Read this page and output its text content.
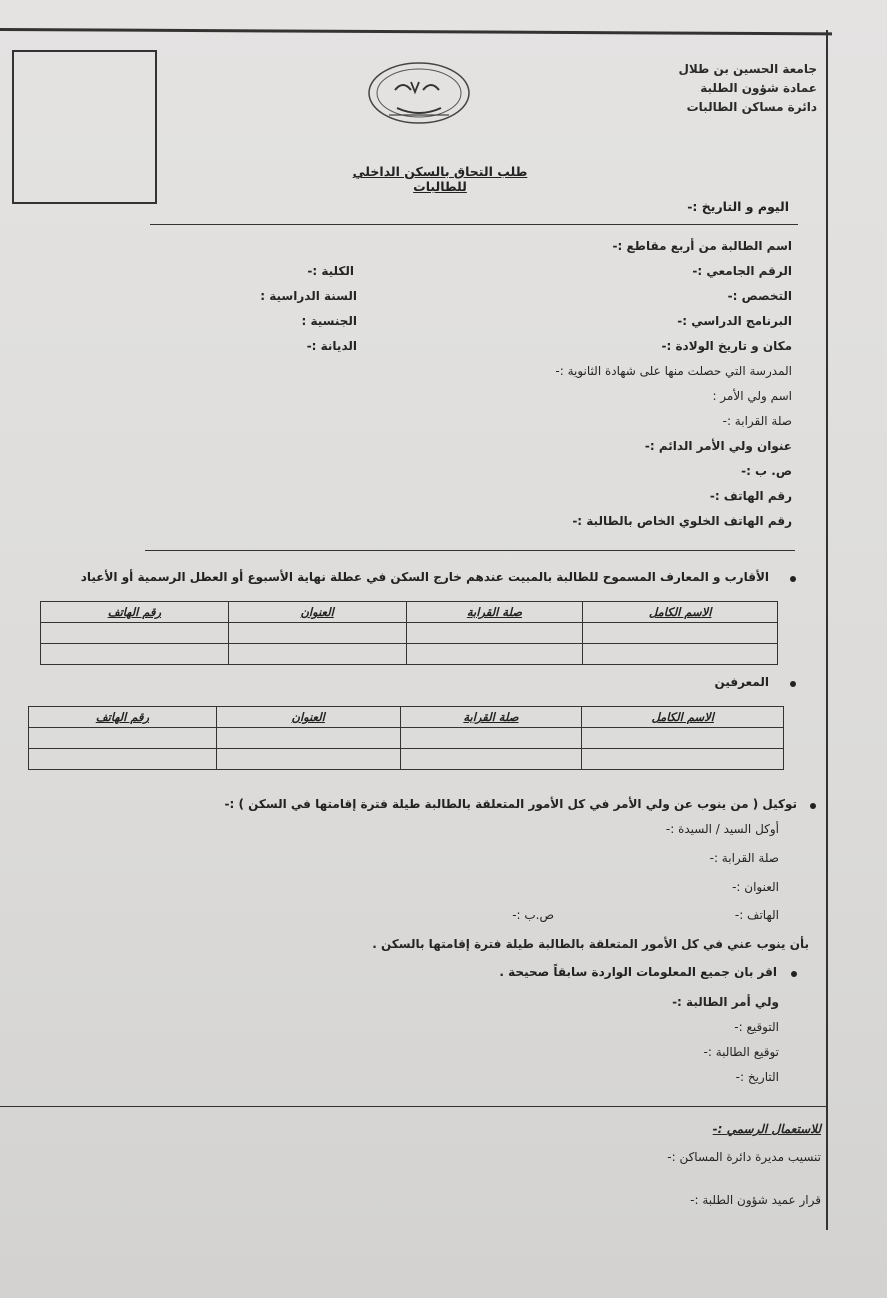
جامعة الحسين بن طلال
عمادة شؤون الطلبة
دائرة مساكن الطالبات
طلب التحاق بالسكن الداخلي للطالبات
اليوم و التاريخ :-
اسم الطالبة من أربع مقاطع :-
الرقم الجامعي :-
الكلية :-
التخصص :-
السنة الدراسية :
البرنامج الدراسي :-
الجنسية :
مكان و تاريخ الولادة :-
الديانة :-
المدرسة التي حصلت منها على شهادة الثانوية :-
اسم ولي الأمر :
صلة القرابة :-
عنوان ولي الأمر الدائم :-
ص. ب :-
رقم الهاتف :-
رقم الهاتف الخلوي الخاص بالطالبة :-
الأقارب و المعارف المسموح للطالبة بالمبيت عندهم خارج السكن في عطلة نهاية الأسبوع أو العطل الرسمية أو الأعياد
الاسم الكامل	صلة القرابة	العنوان	رقم الهاتف

المعرفين
الاسم الكامل	صلة القرابة	العنوان	رقم الهاتف

توكيل ( من ينوب عن ولي الأمر في كل الأمور المتعلقة بالطالبة طيلة فترة إقامتها في السكن ) :-
أوكل السيد / السيدة :-
صلة القرابة :-
العنوان :-
الهاتف :-
ص.ب :-
بأن ينوب عني في كل الأمور المتعلقة بالطالبة طيلة فترة إقامتها بالسكن .
اقر بان جميع المعلومات الواردة سابقاً صحيحة .
ولي أمر الطالبة :-
التوقيع :-
توقيع الطالبة :-
التاريخ :-
للاستعمال الرسمي :-
تنسيب مديرة دائرة المساكن :-
قرار عميد شؤون الطلبة :-
